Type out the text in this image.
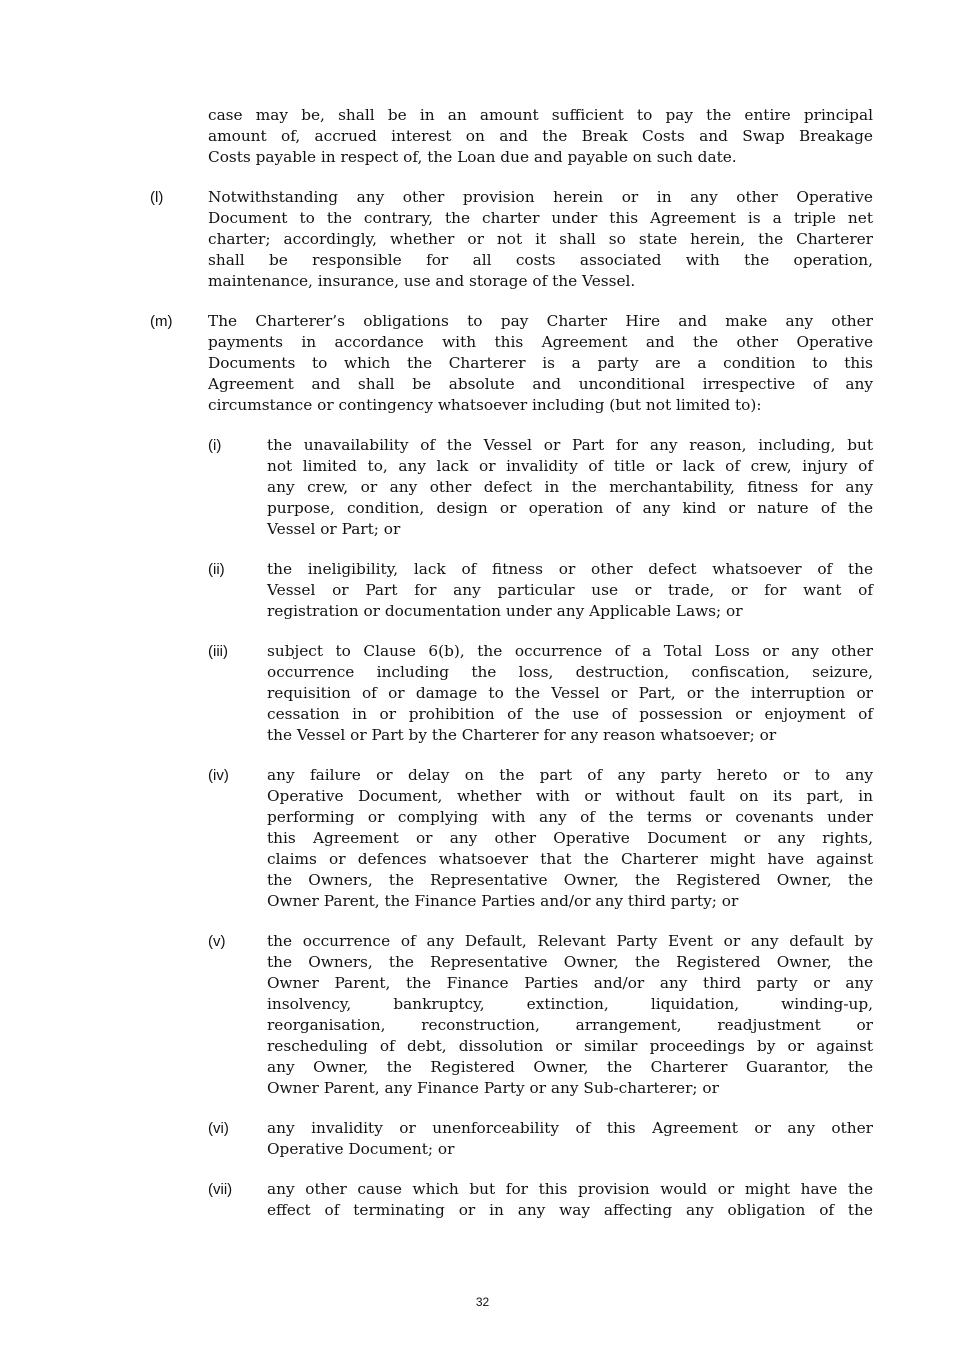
case may be, shall be in an amount sufficient to pay the entire principal
amount of, accrued interest on and the Break Costs and Swap Breakage
Costs payable in respect of, the Loan due and payable on such date.
(l)	Notwithstanding any other provision herein or in any other Operative
Document to the contrary, the charter under this Agreement is a triple net
charter; accordingly, whether or not it shall so state herein, the Charterer
shall be responsible for all costs associated with the operation,
maintenance, insurance, use and storage of the Vessel.
(m) The Charterer’s obligations to pay Charter Hire and make any other
payments in accordance with this Agreement and the other Operative
Documents to which the Charterer is a party are a condition to this
Agreement and shall be absolute and unconditional irrespective of any
circumstance or contingency whatsoever including (but not limited to):
(i)	the unavailability of the Vessel or Part for any reason, including, but
not limited to, any lack or invalidity of title or lack of crew, injury of
any crew, or any other defect in the merchantability, fitness for any
purpose, condition, design or operation of any kind or nature of the
Vessel or Part; or
(ii)	the ineligibility, lack of fitness or other defect whatsoever of the
Vessel or Part for any particular use or trade, or for want of
registration or documentation under any Applicable Laws; or
(iii)	subject to Clause 6(b), the occurrence of a Total Loss or any other
occurrence including the loss, destruction, confiscation, seizure,
requisition of or damage to the Vessel or Part, or the interruption or
cessation in or prohibition of the use of possession or enjoyment of
the Vessel or Part by the Charterer for any reason whatsoever; or
(iv) any failure or delay on the part of any party hereto or to any
Operative Document, whether with or without fault on its part, in
performing or complying with any of the terms or covenants under
this Agreement or any other Operative Document or any rights,
claims or defences whatsoever that the Charterer might have against
the Owners, the Representative Owner, the Registered Owner, the
Owner Parent, the Finance Parties and/or any third party; or
(v)	the occurrence of any Default, Relevant Party Event or any default by
the Owners, the Representative Owner, the Registered Owner, the
Owner Parent, the Finance Parties and/or any third party or any
insolvency, bankruptcy, extinction, liquidation, winding-up,
reorganisation, reconstruction, arrangement, readjustment or
rescheduling of debt, dissolution or similar proceedings by or against
any Owner, the Registered Owner, the Charterer Guarantor, the
Owner Parent, any Finance Party or any Sub-charterer; or
(vi) any invalidity or unenforceability of this Agreement or any other
Operative Document; or
(vii) any other cause which but for this provision would or might have the
effect of terminating or in any way affecting any obligation of the
32
